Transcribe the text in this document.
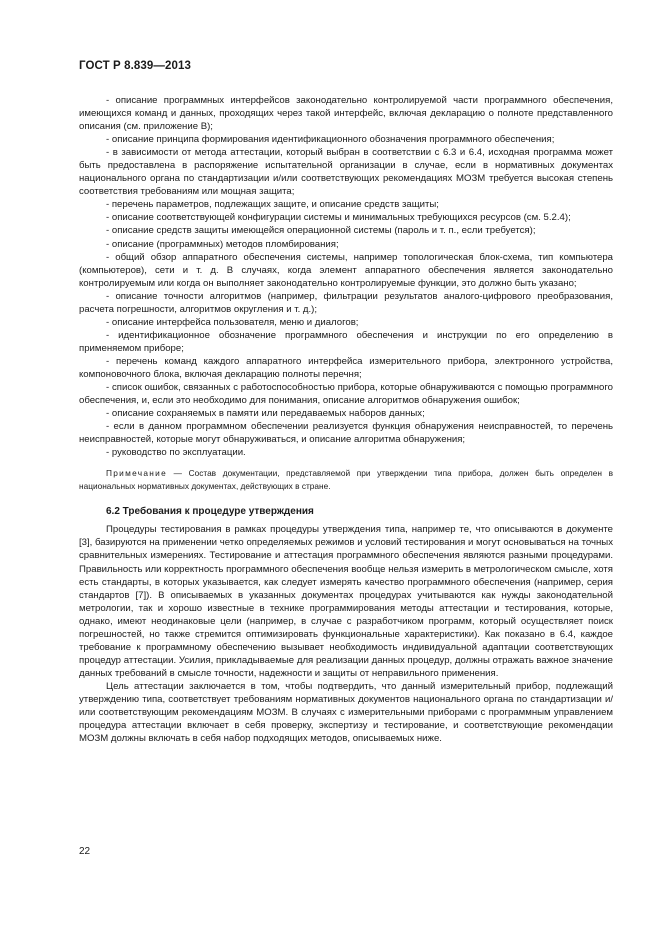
ГОСТ Р 8.839—2013

- описание программных интерфейсов законодательно контролируемой части программного обеспечения, имеющихся команд и данных, проходящих через такой интерфейс, включая декларацию о полноте представленного описания (см. приложение В);

- описание принципа формирования идентификационного обозначения программного обеспечения;

- в зависимости от метода аттестации, который выбран в соответствии с 6.3 и 6.4, исходная программа может быть предоставлена в распоряжение испытательной организации в случае, если в нормативных документах национального органа по стандартизации и/или соответствующих рекомендациях МОЗМ требуется высокая степень соответствия требованиям или мощная защита;

- перечень параметров, подлежащих защите, и описание средств защиты;

- описание соответствующей конфигурации системы и минимальных требующихся ресурсов (см. 5.2.4);

- описание средств защиты имеющейся операционной системы (пароль и т. п., если требуется);

- описание (программных) методов пломбирования;

- общий обзор аппаратного обеспечения системы, например топологическая блок-схема, тип компьютера (компьютеров), сети и т. д. В случаях, когда элемент аппаратного обеспечения является законодательно контролируемым или когда он выполняет законодательно контролируемые функции, это должно быть указано;

- описание точности алгоритмов (например, фильтрации результатов аналого-цифрового преобразования, расчета погрешности, алгоритмов округления и т. д.);

- описание интерфейса пользователя, меню и диалогов;

- идентификационное обозначение программного обеспечения и инструкции по его определению в применяемом приборе;

- перечень команд каждого аппаратного интерфейса измерительного прибора, электронного устройства, компоновочного блока, включая декларацию полноты перечня;

- список ошибок, связанных с работоспособностью прибора, которые обнаруживаются с помощью программного обеспечения, и, если это необходимо для понимания, описание алгоритмов обнаружения ошибок;

- описание сохраняемых в памяти или передаваемых наборов данных;

- если в данном программном обеспечении реализуется функция обнаружения неисправностей, то перечень неисправностей, которые могут обнаруживаться, и описание алгоритма обнаружения;

- руководство по эксплуатации.

Примечание — Состав документации, представляемой при утверждении типа прибора, должен быть определен в национальных нормативных документах, действующих в стране.

6.2 Требования к процедуре утверждения

Процедуры тестирования в рамках процедуры утверждения типа, например те, что описываются в документе [3], базируются на применении четко определяемых режимов и условий тестирования и могут основываться на точных сравнительных измерениях. Тестирование и аттестация программного обеспечения являются разными процедурами. Правильность или корректность программного обеспечения вообще нельзя измерить в метрологическом смысле, хотя есть стандарты, в которых указывается, как следует измерять качество программного обеспечения (например, серия стандартов [7]). В описываемых в указанных документах процедурах учитываются как нужды законодательной метрологии, так и хорошо известные в технике программирования методы аттестации и тестирования, которые, однако, имеют неодинаковые цели (например, в случае с разработчиком программ, который осуществляет поиск погрешностей, но также стремится оптимизировать функциональные характеристики). Как показано в 6.4, каждое требование к программному обеспечению вызывает необходимость индивидуальной адаптации соответствующих процедур аттестации. Усилия, прикладываемые для реализации данных процедур, должны отражать важное значение данных требований в смысле точности, надежности и защиты от неправильного применения.

Цель аттестации заключается в том, чтобы подтвердить, что данный измерительный прибор, подлежащий утверждению типа, соответствует требованиям нормативных документов национального органа по стандартизации и/или соответствующим рекомендациям МОЗМ. В случаях с измерительными приборами с программным управлением процедура аттестации включает в себя проверку, экспертизу и тестирование, и соответствующие рекомендации МОЗМ должны включать в себя набор подходящих методов, описываемых ниже.

22
